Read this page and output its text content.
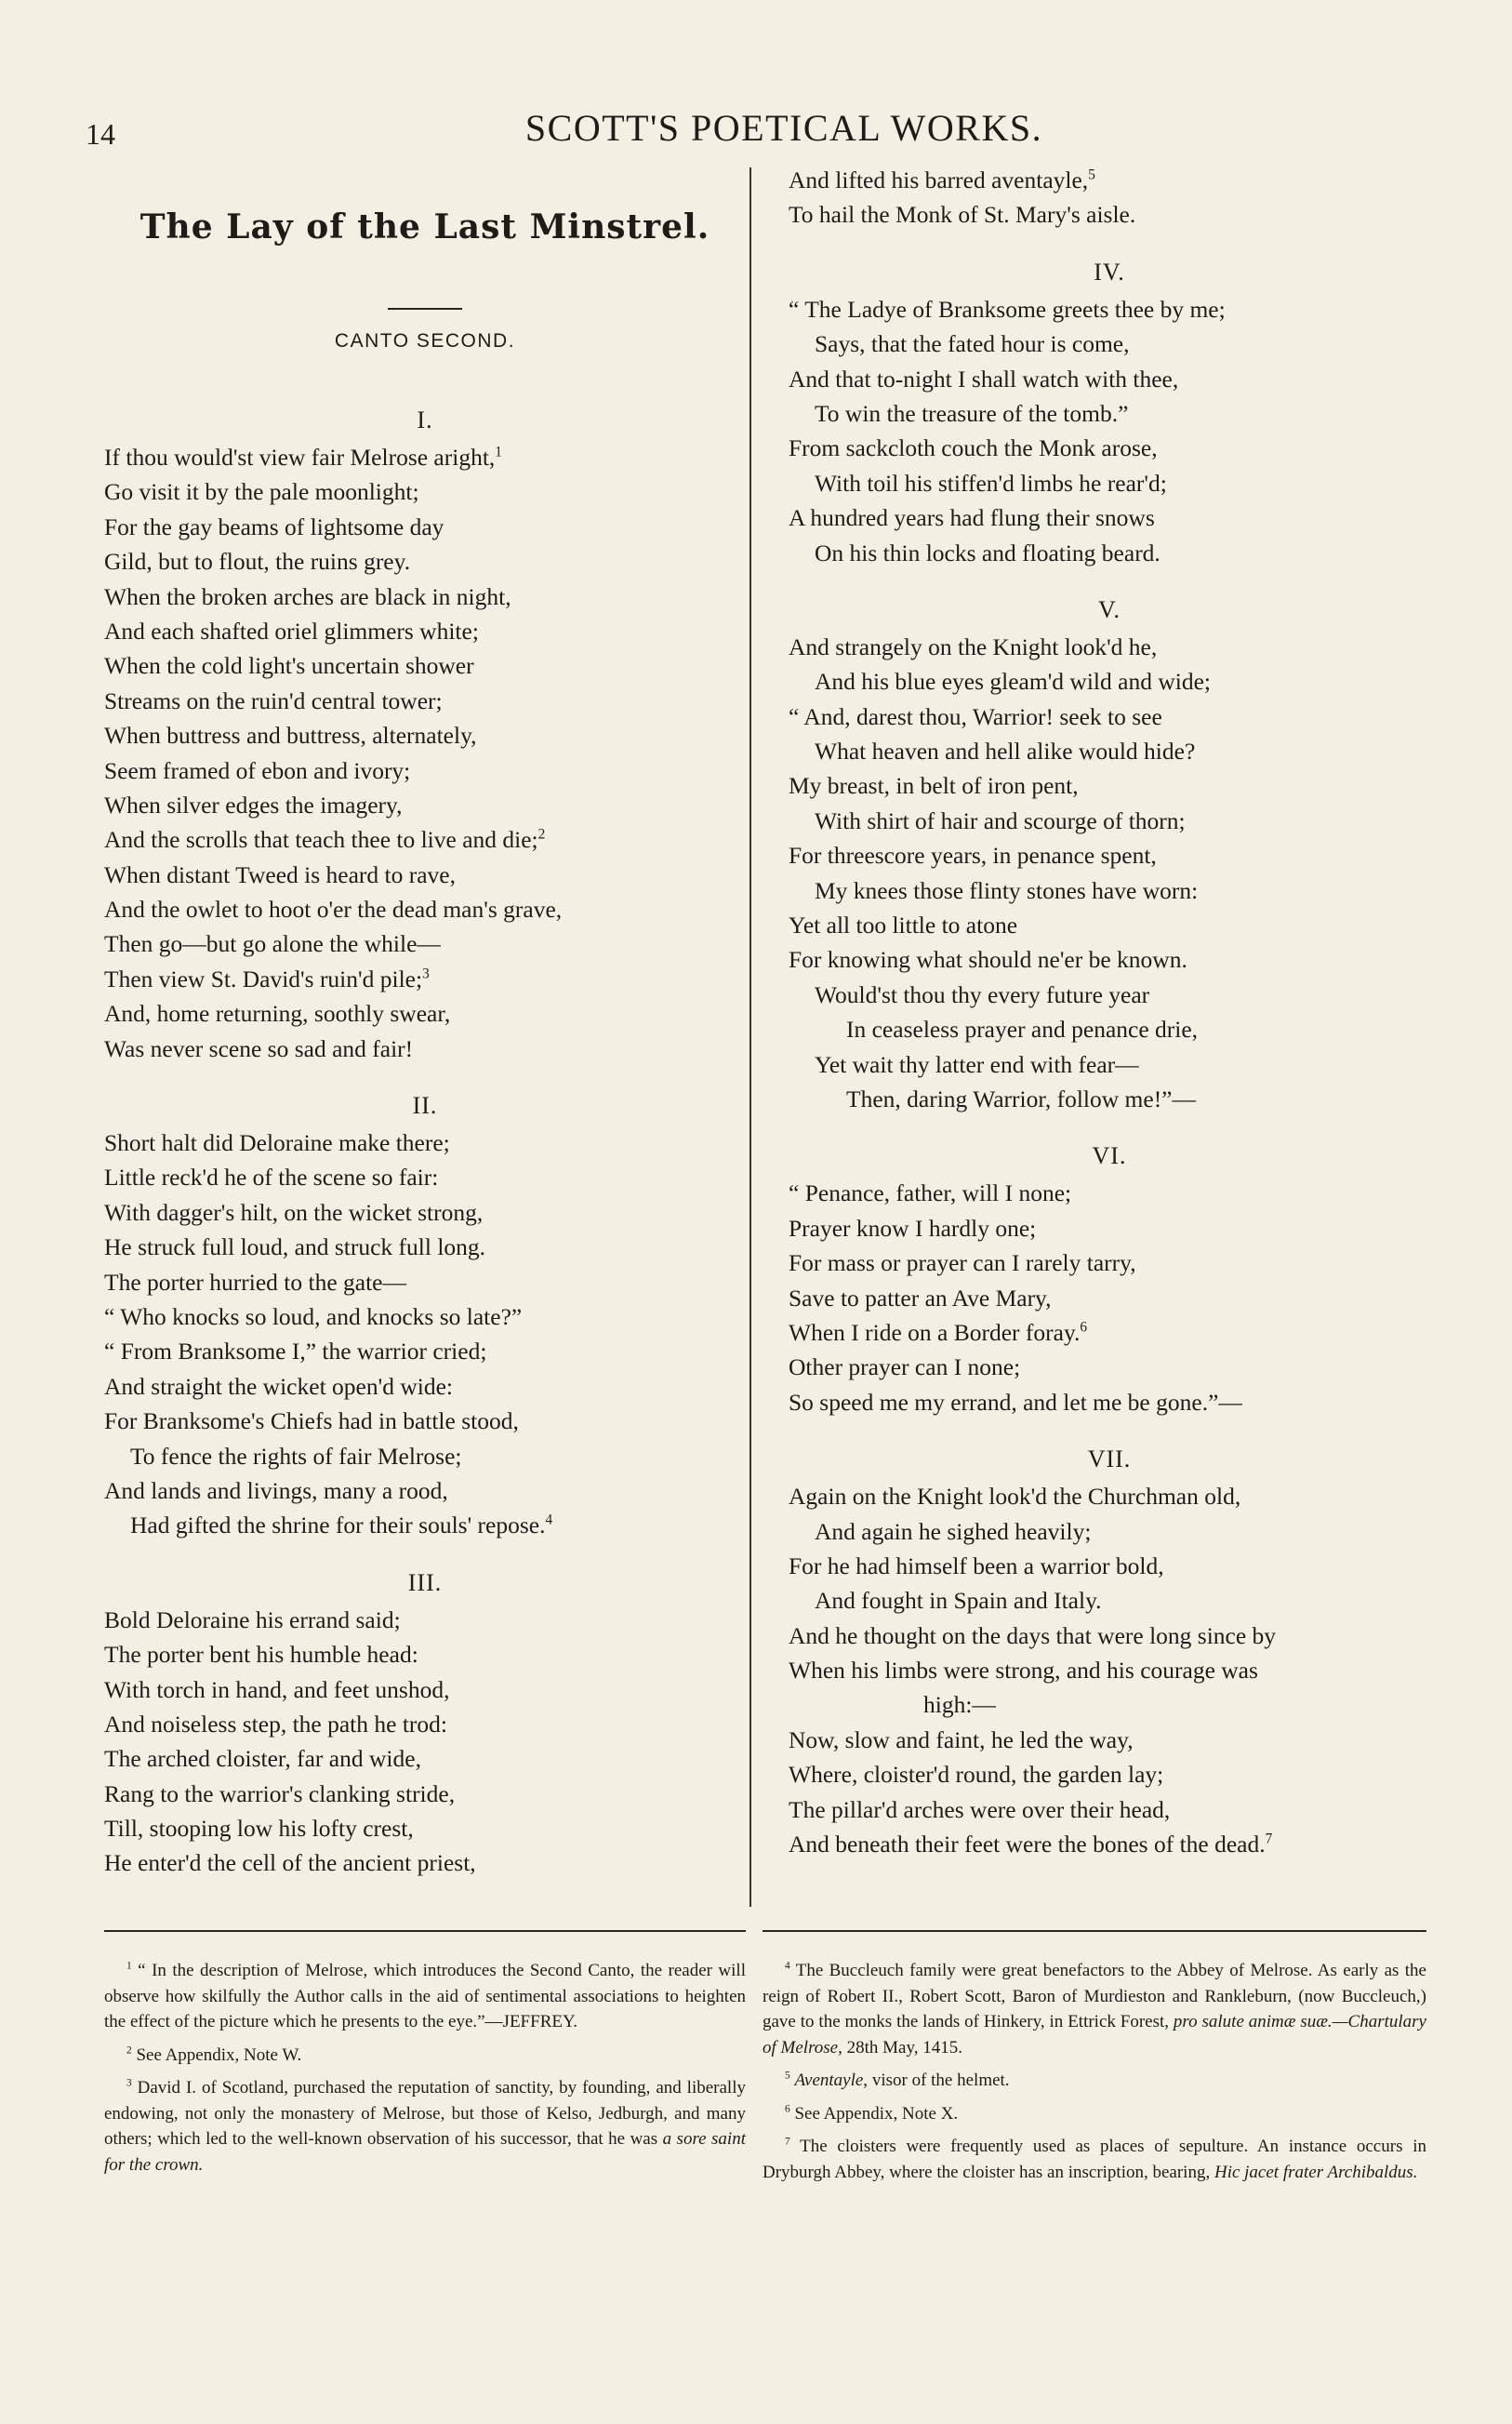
14	SCOTT'S POETICAL WORKS.
The Lay of the Last Minstrel.
CANTO SECOND.
I.
If thou would'st view fair Melrose aright,$^1$
Go visit it by the pale moonlight;
For the gay beams of lightsome day
Gild, but to flout, the ruins grey.
When the broken arches are black in night,
And each shafted oriel glimmers white;
When the cold light's uncertain shower
Streams on the ruin'd central tower;
When buttress and buttress, alternately,
Seem framed of ebon and ivory;
When silver edges the imagery,
And the scrolls that teach thee to live and die;$^2$
When distant Tweed is heard to rave,
And the owlet to hoot o'er the dead man's grave,
Then go—but go alone the while—
Then view St. David's ruin'd pile;$^3$
And, home returning, soothly swear,
Was never scene so sad and fair!
II.
Short halt did Deloraine make there;
Little reck'd he of the scene so fair:
With dagger's hilt, on the wicket strong,
He struck full loud, and struck full long.
The porter hurried to the gate—
“ Who knocks so loud, and knocks so late?”
“ From Branksome I,” the warrior cried;
And straight the wicket open'd wide:
For Branksome's Chiefs had in battle stood,
To fence the rights of fair Melrose;
And lands and livings, many a rood,
Had gifted the shrine for their souls' repose.$^4$
III.
Bold Deloraine his errand said;
The porter bent his humble head:
With torch in hand, and feet unshod,
And noiseless step, the path he trod:
The arched cloister, far and wide,
Rang to the warrior's clanking stride,
Till, stooping low his lofty crest,
He enter'd the cell of the ancient priest,
And lifted his barred aventayle,$^5$
To hail the Monk of St. Mary's aisle.
IV.
“ The Ladye of Branksome greets thee by me;
Says, that the fated hour is come,
And that to-night I shall watch with thee,
To win the treasure of the tomb.”
From sackcloth couch the Monk arose,
With toil his stiffen'd limbs he rear'd;
A hundred years had flung their snows
On his thin locks and floating beard.
V.
And strangely on the Knight look'd he,
And his blue eyes gleam'd wild and wide;
“ And, darest thou, Warrior! seek to see
What heaven and hell alike would hide?
My breast, in belt of iron pent,
With shirt of hair and scourge of thorn;
For threescore years, in penance spent,
My knees those flinty stones have worn:
Yet all too little to atone
For knowing what should ne'er be known.
Would'st thou thy every future year
In ceaseless prayer and penance drie,
Yet wait thy latter end with fear—
Then, daring Warrior, follow me!”—
VI.
“ Penance, father, will I none;
Prayer know I hardly one;
For mass or prayer can I rarely tarry,
Save to patter an Ave Mary,
When I ride on a Border foray.$^6$
Other prayer can I none;
So speed me my errand, and let me be gone.”—
VII.
Again on the Knight look'd the Churchman old,
And again he sighed heavily;
For he had himself been a warrior bold,
And fought in Spain and Italy.
And he thought on the days that were long since by
When his limbs were strong, and his courage was
high:—
Now, slow and faint, he led the way,
Where, cloister'd round, the garden lay;
The pillar'd arches were over their head,
And beneath their feet were the bones of the dead.$^7$
$^1$ “ In the description of Melrose, which introduces the Second Canto, the reader will observe how skilfully the Author calls in the aid of sentimental associations to heighten the effect of the picture which he presents to the eye.”—JEFFREY.
$^2$ See Appendix, Note W.
$^3$ David I. of Scotland, purchased the reputation of sanctity, by founding, and liberally endowing, not only the monastery of Melrose, but those of Kelso, Jedburgh, and many others; which led to the well-known observation of his successor, that he was a sore saint for the crown.
$^4$ The Buccleuch family were great benefactors to the Abbey of Melrose. As early as the reign of Robert II., Robert Scott, Baron of Murdieston and Rankleburn, (now Buccleuch,) gave to the monks the lands of Hinkery, in Ettrick Forest, pro salute animæ suæ.—Chartulary of Melrose, 28th May, 1415.
$^5$ Aventayle, visor of the helmet.
$^6$ See Appendix, Note X.
$^7$ The cloisters were frequently used as places of sepulture. An instance occurs in Dryburgh Abbey, where the cloister has an inscription, bearing, Hic jacet frater Archibaldus.
